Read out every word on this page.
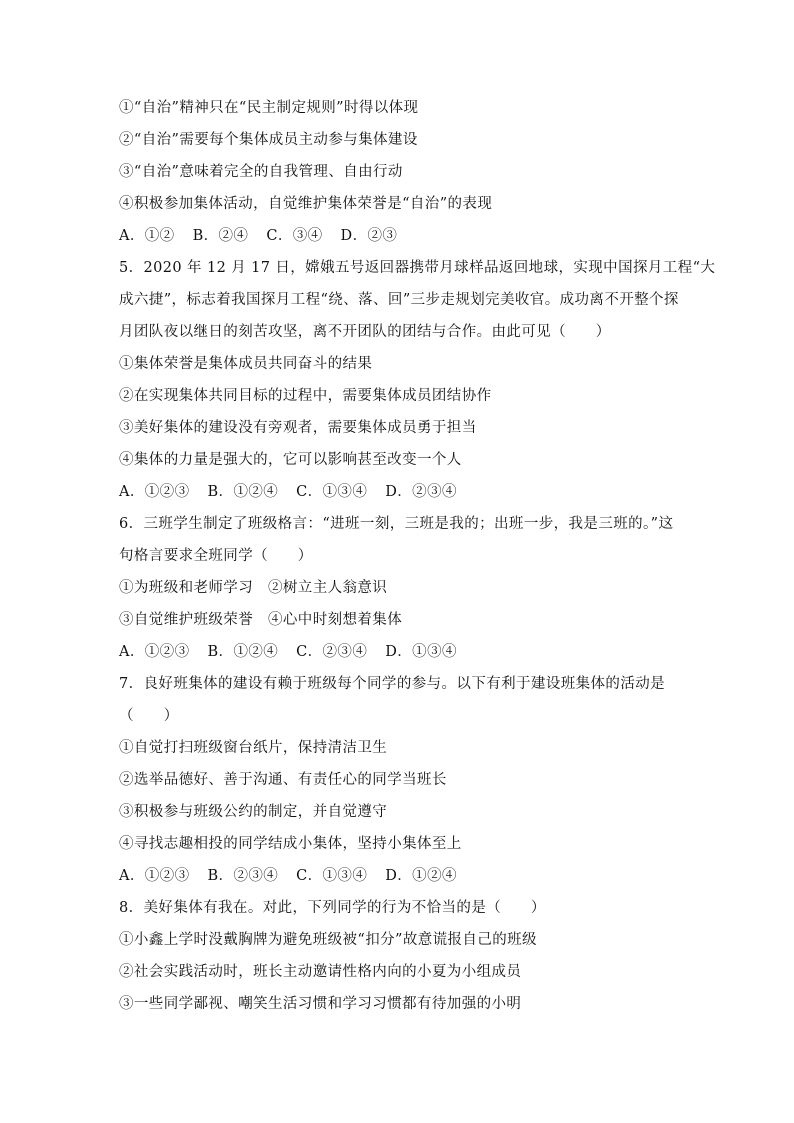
①“自治”精神只在“民主制定规则”时得以体现
②“自治”需要每个集体成员主动参与集体建设
③“自治”意味着完全的自我管理、自由行动
④积极参加集体活动，自觉维护集体荣誉是“自治”的表现
A．①② B．②④ C．③④ D．②③
5．2020 年 12 月 17 日，嫦娥五号返回器携带月球样品返回地球，实现中国探月工程“大
成六捷”，标志着我国探月工程“绕、落、回”三步走规划完美收官。成功离不开整个探
月团队夜以继日的刻苦攻坚，离不开团队的团结与合作。由此可见（　　）
①集体荣誉是集体成员共同奋斗的结果
②在实现集体共同目标的过程中，需要集体成员团结协作
③美好集体的建设没有旁观者，需要集体成员勇于担当
④集体的力量是强大的，它可以影响甚至改变一个人
A．①②③ B．①②④ C．①③④ D．②③④
6．三班学生制定了班级格言：“进班一刻，三班是我的；出班一步，我是三班的。”这
句格言要求全班同学（　　）
①为班级和老师学习　②树立主人翁意识
③自觉维护班级荣誉　④心中时刻想着集体
A．①②③ B．①②④ C．②③④ D．①③④
7．良好班集体的建设有赖于班级每个同学的参与。以下有利于建设班集体的活动是
（　　）
①自觉打扫班级窗台纸片，保持清洁卫生
②选举品德好、善于沟通、有责任心的同学当班长
③积极参与班级公约的制定，并自觉遵守
④寻找志趣相投的同学结成小集体，坚持小集体至上
A．①②③ B．②③④ C．①③④ D．①②④
8．美好集体有我在。对此，下列同学的行为不恰当的是（　　）
①小鑫上学时没戴胸牌为避免班级被“扣分”故意谎报自己的班级
②社会实践活动时，班长主动邀请性格内向的小夏为小组成员
③一些同学鄙视、嘲笑生活习惯和学习习惯都有待加强的小明
